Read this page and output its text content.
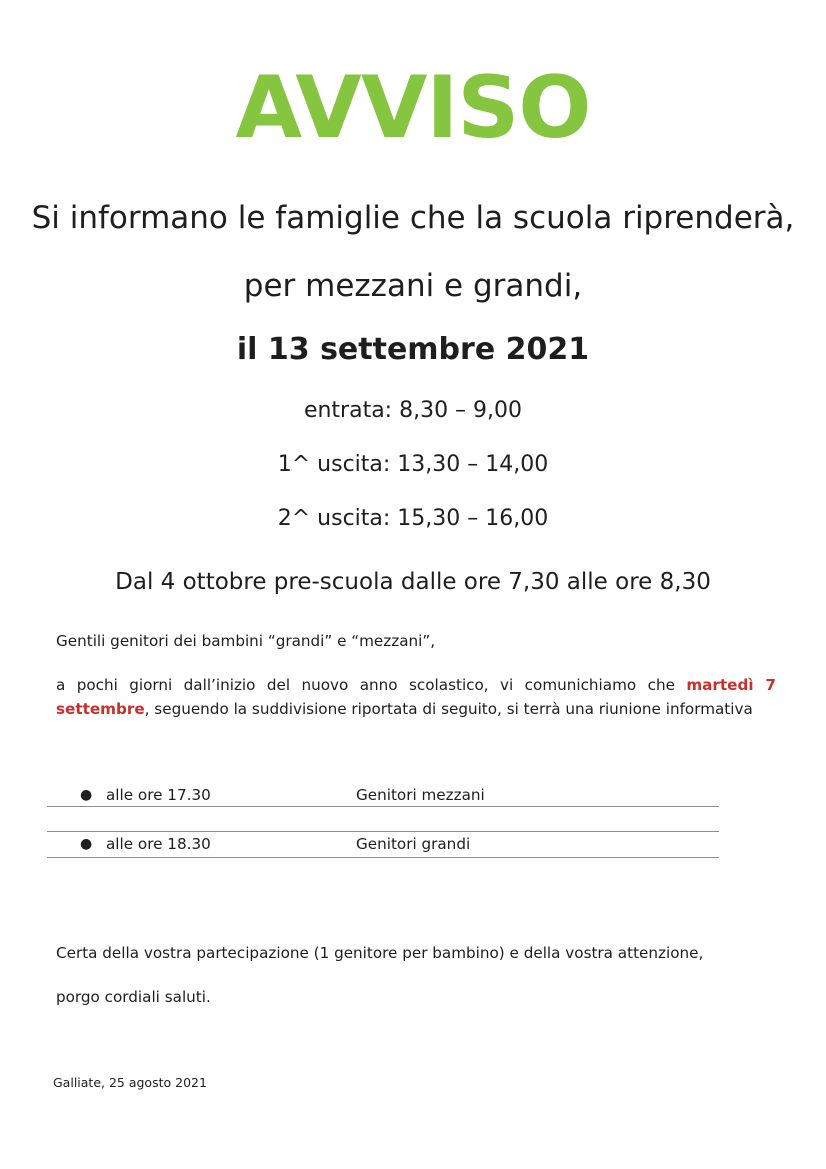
AVVISO
Si informano le famiglie che la scuola riprenderà,
per mezzani e grandi,
il 13 settembre 2021
entrata: 8,30 – 9,00
1^ uscita: 13,30 – 14,00
2^ uscita: 15,30 – 16,00
Dal 4 ottobre pre-scuola dalle ore 7,30 alle ore 8,30
Gentili genitori dei bambini “grandi” e “mezzani”,
a pochi giorni dall’inizio del nuovo anno scolastico, vi comunichiamo che martedì 7 settembre, seguendo la suddivisione riportata di seguito, si terrà una riunione informativa
● alle ore 17.30	Genitori mezzani
● alle ore 18.30	Genitori grandi
Certa della vostra partecipazione (1 genitore per bambino) e della vostra attenzione,
porgo cordiali saluti.
Galliate, 25 agosto 2021
